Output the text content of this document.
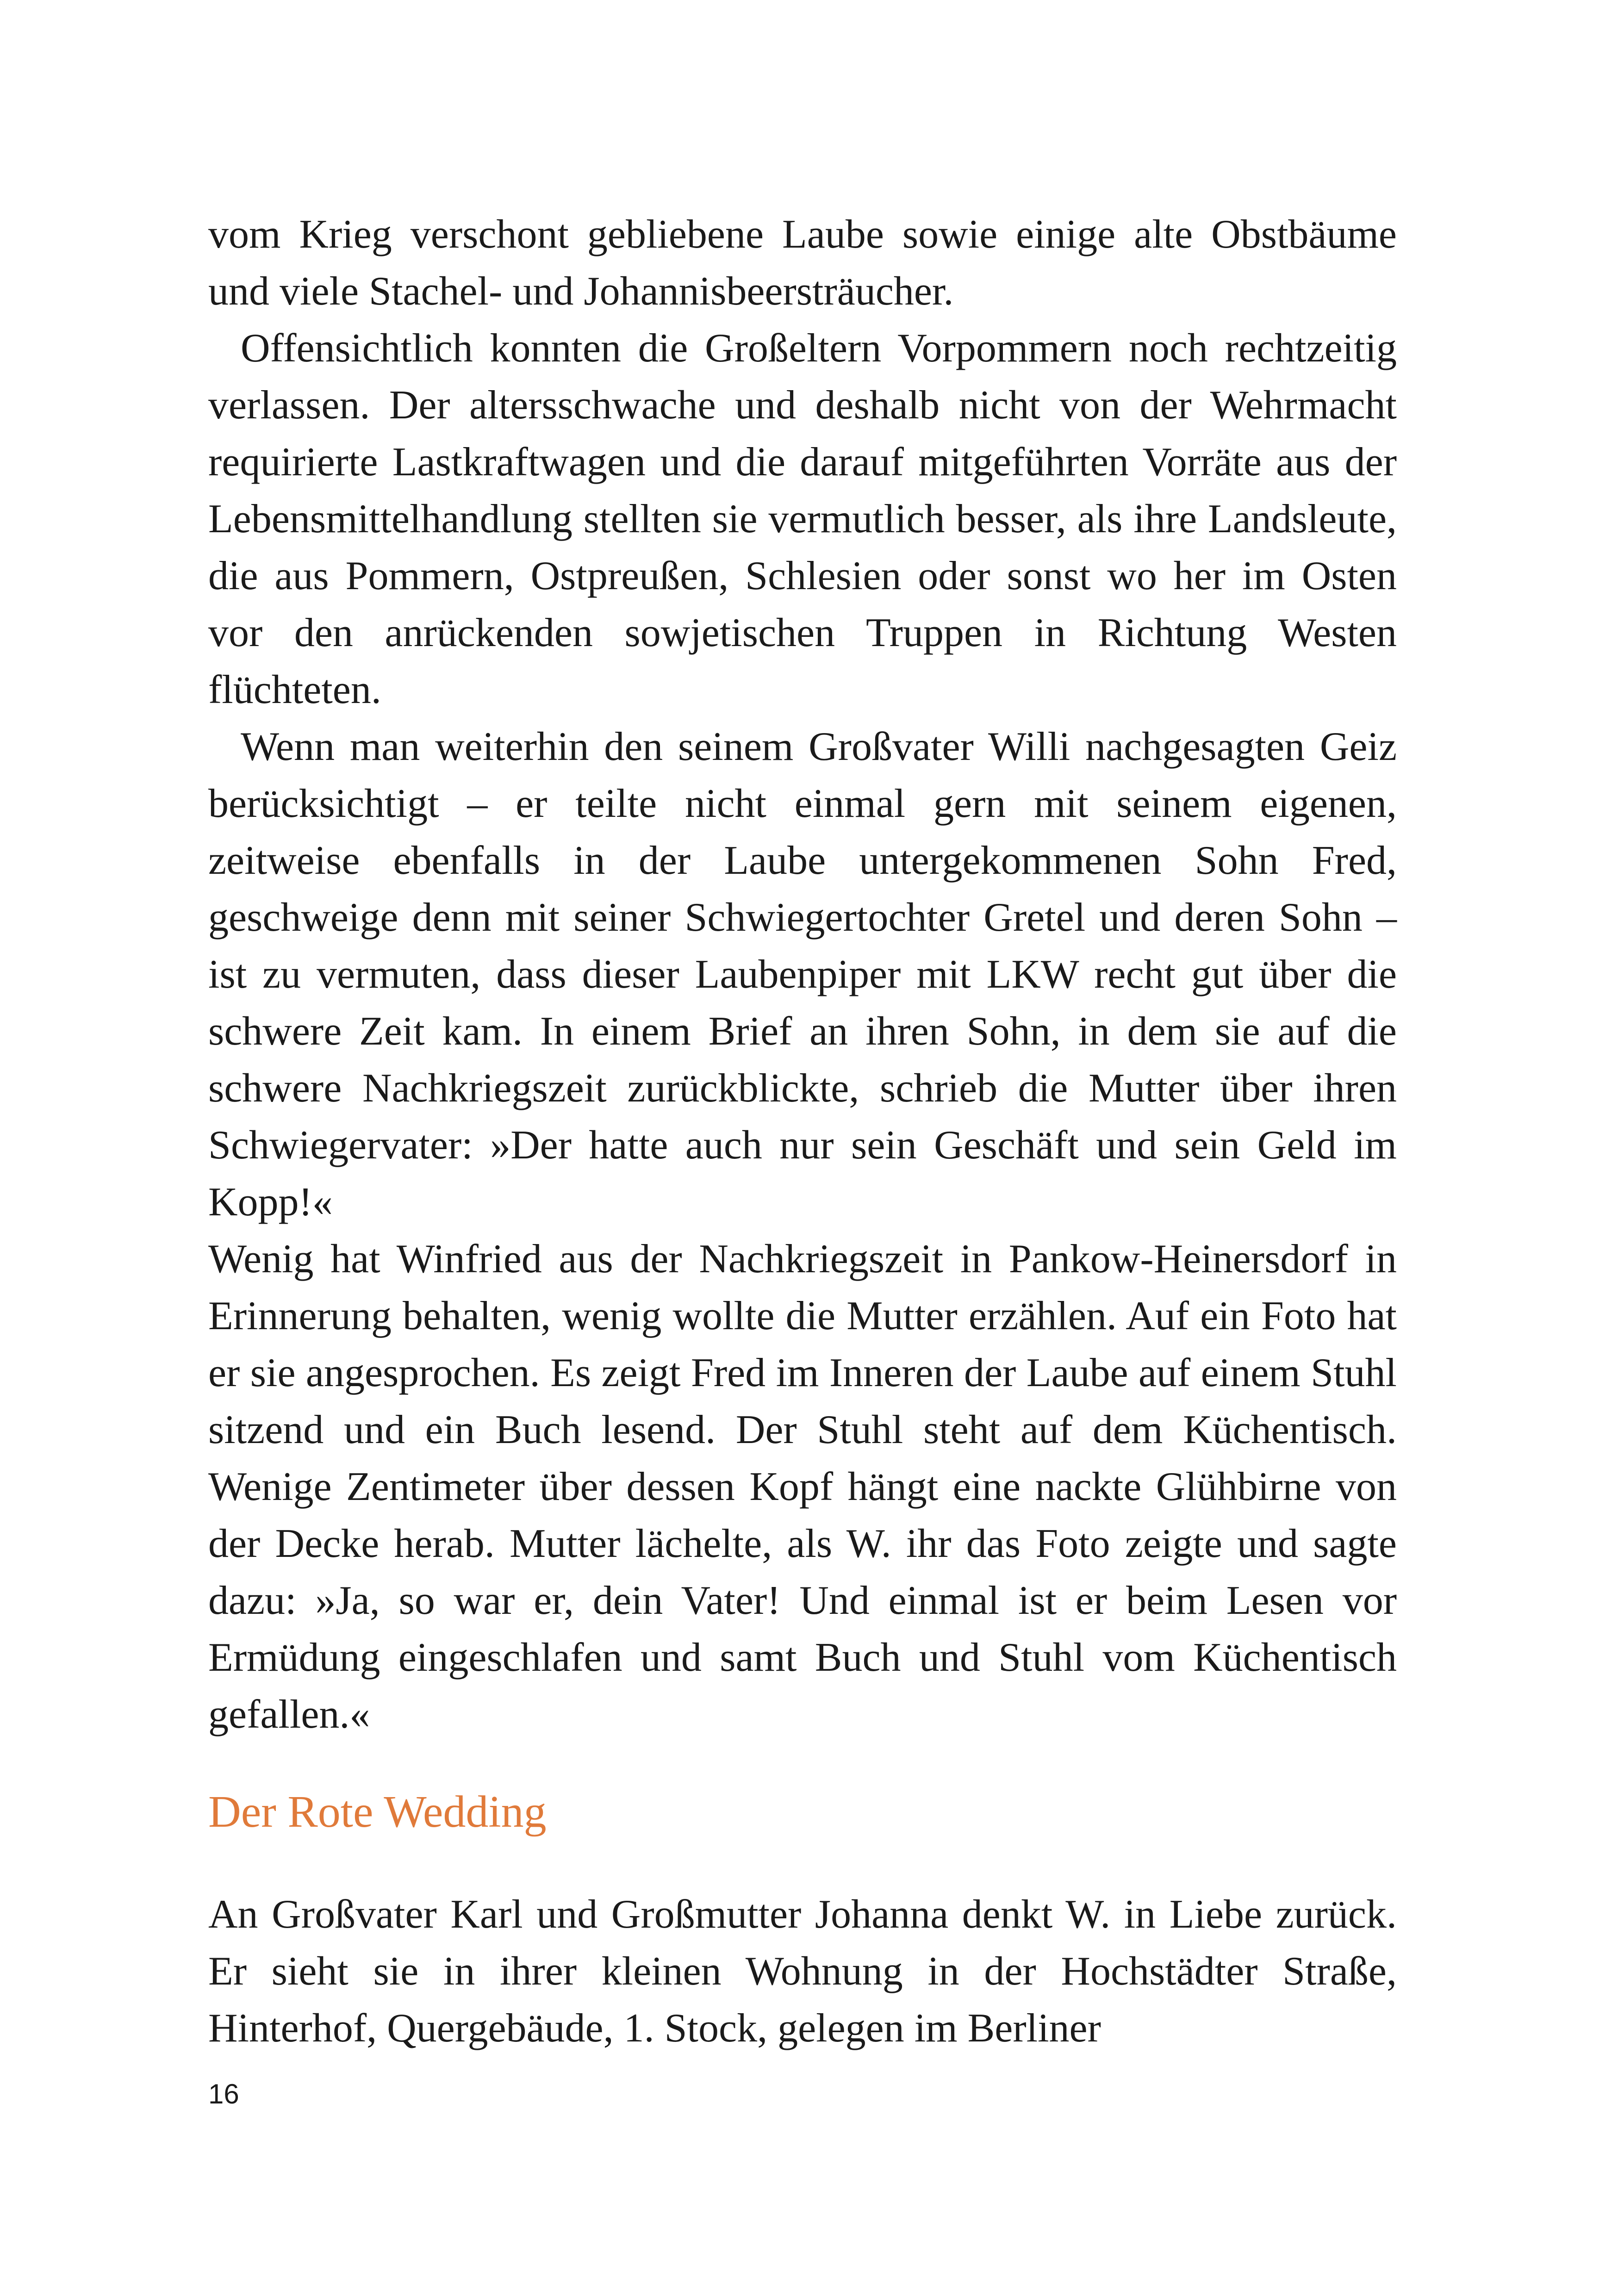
vom Krieg verschont gebliebene Laube sowie einige alte Obstbäume und viele Stachel- und Johannisbeersträucher.

Offensichtlich konnten die Großeltern Vorpommern noch rechtzeitig verlassen. Der altersschwache und deshalb nicht von der Wehrmacht requirierte Lastkraftwagen und die darauf mitgeführten Vorräte aus der Lebensmittelhandlung stellten sie vermutlich besser, als ihre Landsleute, die aus Pommern, Ostpreußen, Schlesien oder sonst wo her im Osten vor den anrückenden sowjetischen Truppen in Richtung Westen flüchteten.

Wenn man weiterhin den seinem Großvater Willi nachgesagten Geiz berücksichtigt – er teilte nicht einmal gern mit seinem eigenen, zeitweise ebenfalls in der Laube untergekommenen Sohn Fred, geschweige denn mit seiner Schwiegertochter Gretel und deren Sohn – ist zu vermuten, dass dieser Laubenpiper mit LKW recht gut über die schwere Zeit kam. In einem Brief an ihren Sohn, in dem sie auf die schwere Nachkriegszeit zurückblickte, schrieb die Mutter über ihren Schwiegervater: »Der hatte auch nur sein Geschäft und sein Geld im Kopp!«

Wenig hat Winfried aus der Nachkriegszeit in Pankow-Heinersdorf in Erinnerung behalten, wenig wollte die Mutter erzählen. Auf ein Foto hat er sie angesprochen. Es zeigt Fred im Inneren der Laube auf einem Stuhl sitzend und ein Buch lesend. Der Stuhl steht auf dem Küchentisch. Wenige Zentimeter über dessen Kopf hängt eine nackte Glühbirne von der Decke herab. Mutter lächelte, als W. ihr das Foto zeigte und sagte dazu: »Ja, so war er, dein Vater! Und einmal ist er beim Lesen vor Ermüdung eingeschlafen und samt Buch und Stuhl vom Küchentisch gefallen.«

Der Rote Wedding

An Großvater Karl und Großmutter Johanna denkt W. in Liebe zurück. Er sieht sie in ihrer kleinen Wohnung in der Hochstädter Straße, Hinterhof, Quergebäude, 1. Stock, gelegen im Berliner

16
